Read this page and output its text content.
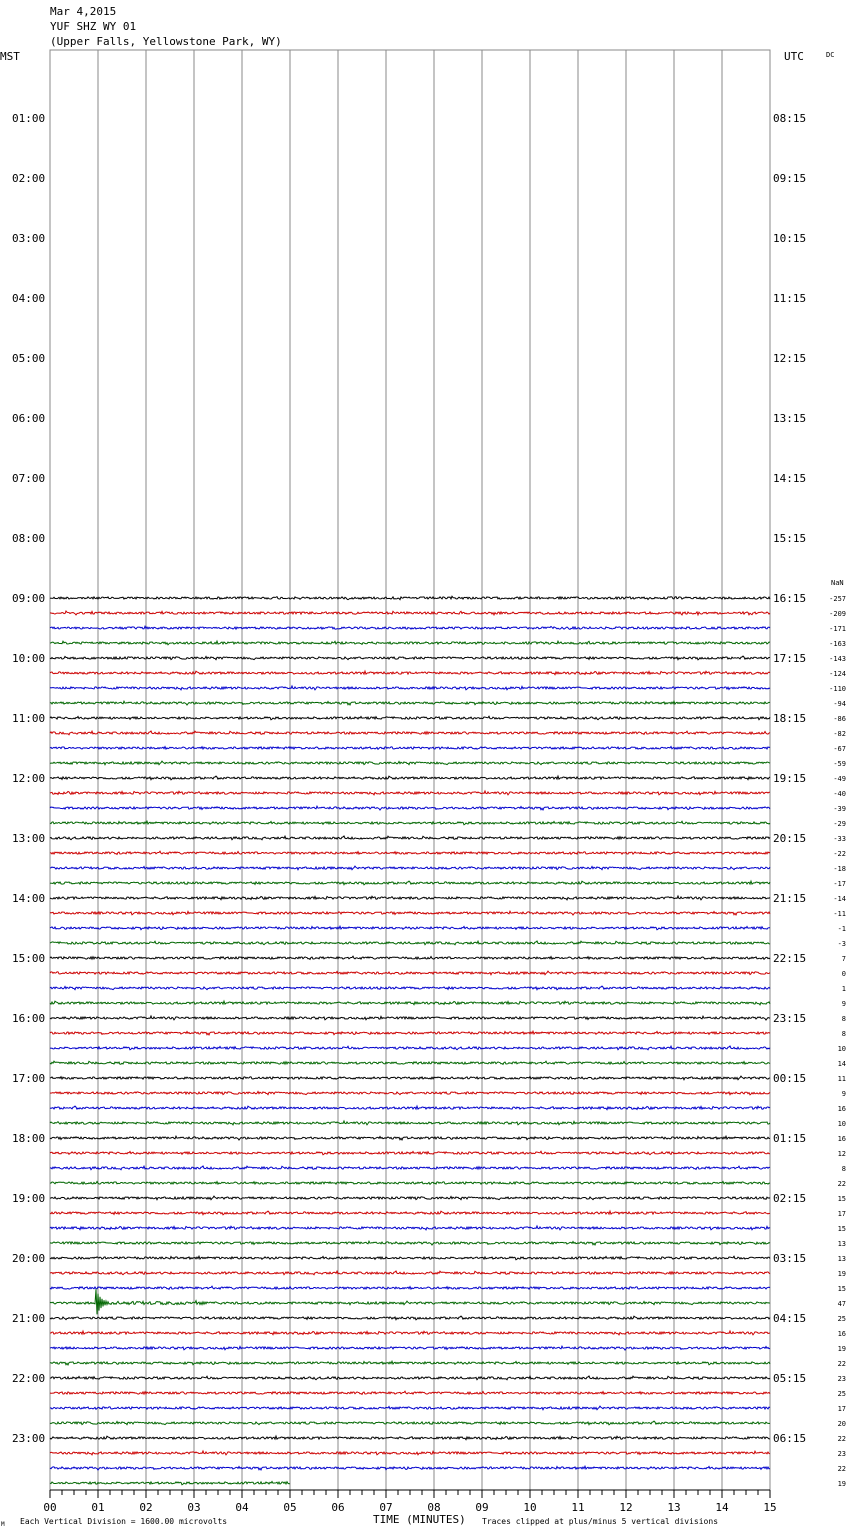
Mar 4,2015
YUF SHZ WY 01
(Upper Falls, Yellowstone Park, WY)
MST	UTC	DC
NaN
01:00
02:00
03:00
04:00
05:00
06:00
07:00
08:00
09:00
10:00
11:00
12:00
13:00
14:00
15:00
16:00
17:00
18:00
19:00
20:00
21:00
22:00
23:00
08:15
09:15
10:15
11:15
12:15
13:15
14:15
15:15
16:15
17:15
18:15
19:15
20:15
21:15
22:15
23:15
00:15
01:15
02:15
03:15
04:15
05:15
06:15
-257
-209
-171
-163
-143
-124
-110
-94
-86
-82
-67
-59
-49
-40
-39
-29
-33
-22
-18
-17
-14
-11
-1
-3
7
0
1
9
8
8
10
14
11
9
16
10
16
12
8
22
15
17
15
13
13
19
15
47
25
16
19
22
23
25
17
20
22
23
22
19
00	01	02	03	04	05	06	07	08	09	10	11	12	13	14	15
Each Vertical Division = 1600.00 microvolts	TIME (MINUTES) Traces clipped at plus/minus 5 vertical divisions
M
